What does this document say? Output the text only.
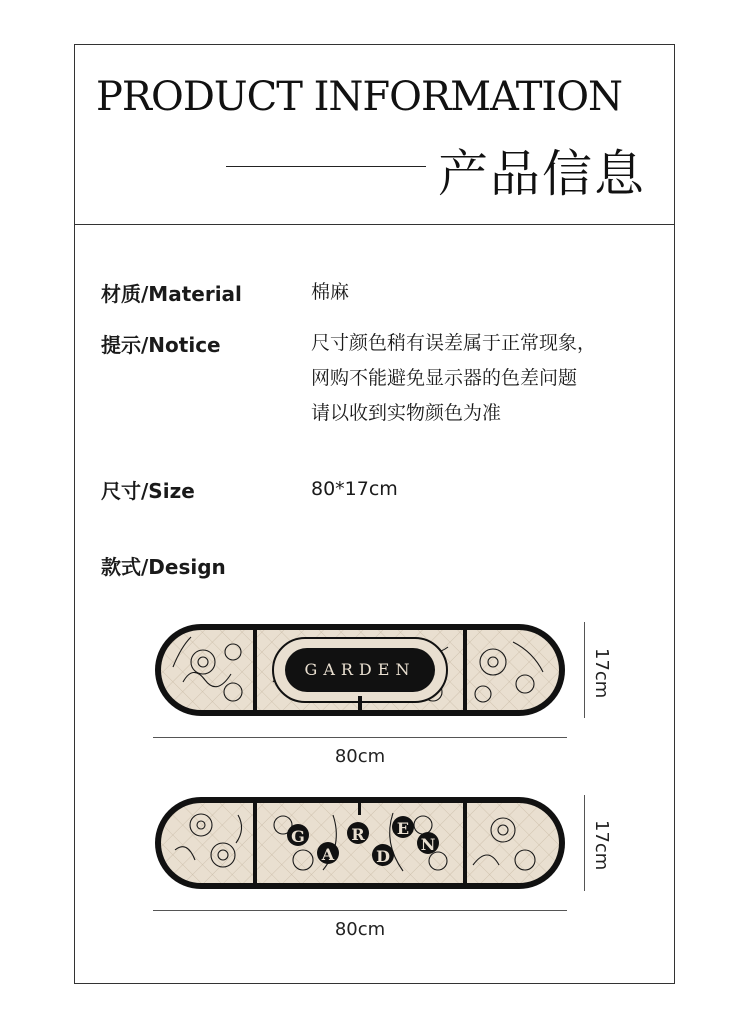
PRODUCT INFORMATION
产品信息
材质/Material	棉麻
提示/Notice	尺寸颜色稍有误差属于正常现象，
网购不能避免显示器的色差问题
请以收到实物颜色为准
尺寸/Size	80*17cm
款式/Design
GARDEN	17cm
80cm
G
A
R
D
E
N	17cm
80cm
